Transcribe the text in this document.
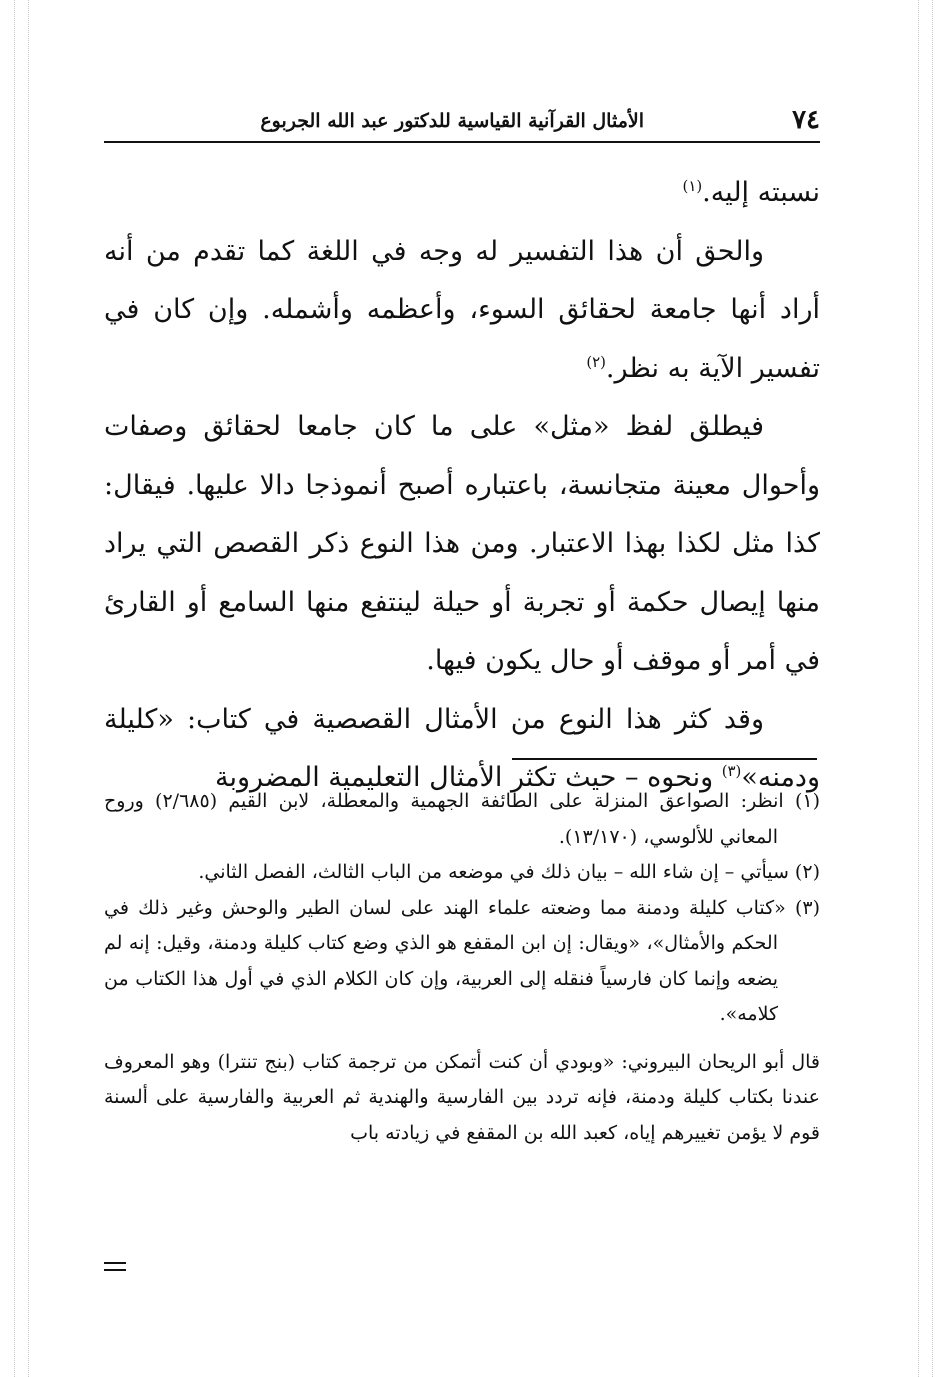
٧٤
الأمثال القرآنية القياسية للدكتور عبد الله الجربوع

نسبته إليه.$^{(١)}$

والحق أن هذا التفسير له وجه في اللغة كما تقدم من أنه أراد أنها جامعة لحقائق السوء، وأعظمه وأشمله. وإن كان في تفسير الآية به نظر.$^{(٢)}$

فيطلق لفظ «مثل» على ما كان جامعا لحقائق وصفات وأحوال معينة متجانسة، باعتباره أصبح أنموذجا دالا عليها. فيقال: كذا مثل لكذا بهذا الاعتبار. ومن هذا النوع ذكر القصص التي يراد منها إيصال حكمة أو تجربة أو حيلة لينتفع منها السامع أو القارئ في أمر أو موقف أو حال يكون فيها.

وقد كثر هذا النوع من الأمثال القصصية في كتاب: «كليلة ودمنه»$^{(٣)}$ ونحوه – حيث تكثر الأمثال التعليمية المضروبة

(١) انظر: الصواعق المنزلة على الطائفة الجهمية والمعطلة، لابن القيم (٢/٦٨٥) وروح المعاني للألوسي، (١٣/١٧٠).

(٢) سيأتي – إن شاء الله – بيان ذلك في موضعه من الباب الثالث، الفصل الثاني.

(٣) «كتاب كليلة ودمنة مما وضعته علماء الهند على لسان الطير والوحش وغير ذلك في الحكم والأمثال»، «ويقال: إن ابن المقفع هو الذي وضع كتاب كليلة ودمنة، وقيل: إنه لم يضعه وإنما كان فارسياً فنقله إلى العربية، وإن كان الكلام الذي في أول هذا الكتاب من كلامه».

قال أبو الريحان البيروني: «وبودي أن كنت أتمكن من ترجمة كتاب (بنج تنترا) وهو المعروف عندنا بكتاب كليلة ودمنة، فإنه تردد بين الفارسية والهندية ثم العربية والفارسية على ألسنة قوم لا يؤمن تغييرهم إياه، كعبد الله بن المقفع في زيادته باب
